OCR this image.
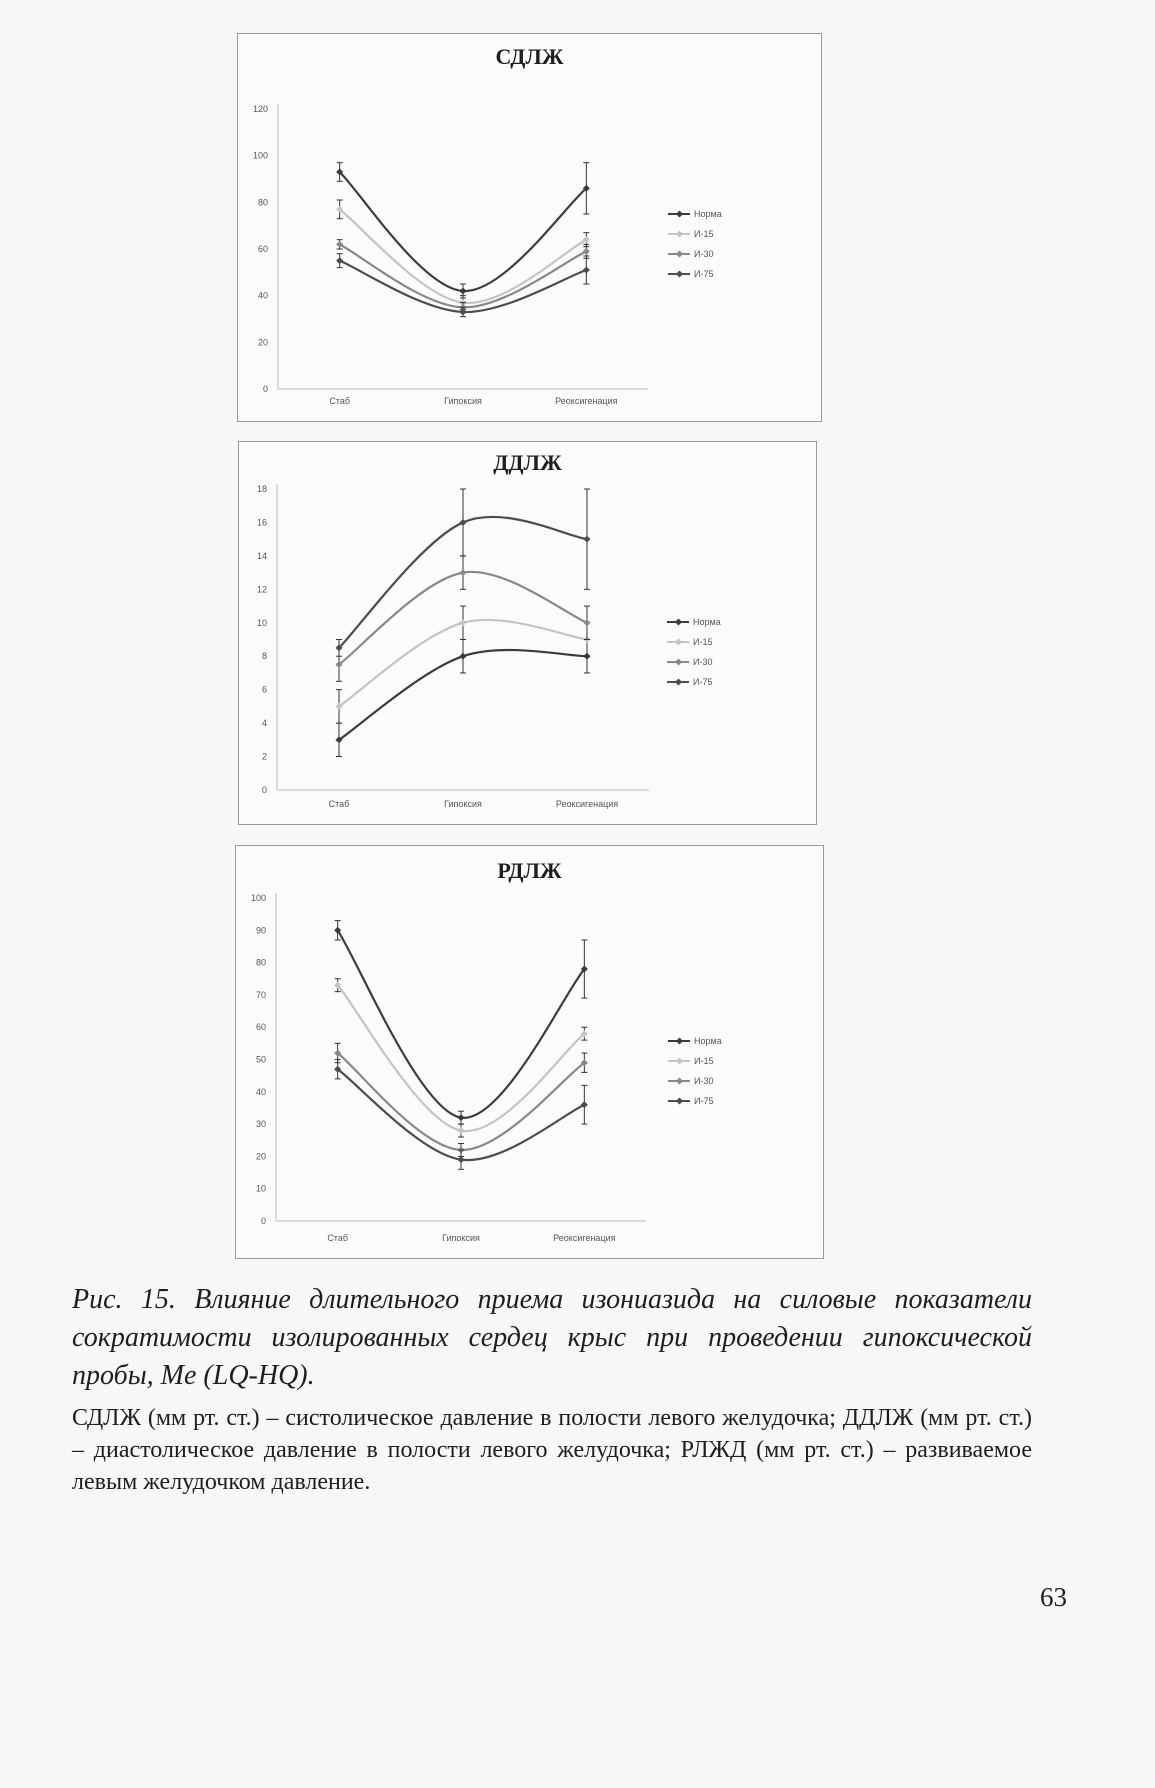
СДЛЖ
0
20
40
60
80
100
120
Стаб	Гипоксия	Реоксигенация
Норма
И-15
И-30
И-75
ДДЛЖ
0
2
4
6
8
10
12
14
16
18
Стаб	Гипоксия	Реоксигенация
Норма
И-15
И-30
И-75
РДЛЖ
0
10
20
30
40
50
60
70
80
90
100
Стаб	Гипоксия	Реоксигенация
Норма
И-15
И-30
И-75
Рис. 15. Влияние длительного приема изониазида на силовые показатели сократимости изолированных сердец крыс при проведении гипоксической пробы, Me (LQ-HQ).
СДЛЖ (мм рт. ст.) – систолическое давление в полости левого желудочка; ДДЛЖ (мм рт. ст.) – диастолическое давление в полости левого желудочка; РЛЖД (мм рт. ст.) – развиваемое левым желудочком давление.
63
